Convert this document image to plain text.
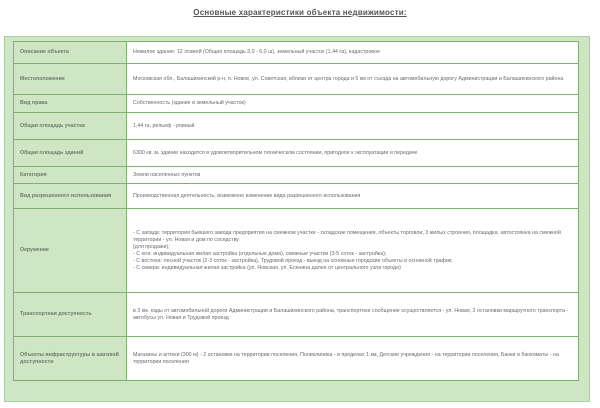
Основные характеристики объекта недвижимости:
Описание объекта	Нежилое здание: 12 этажей (Общая площадь 3,0 - 6,0 ш), земельный участок (1,44 га), кадастровое
Местоположение	Московская обл., Балашихинский р-н, п. Новое, ул. Советская, вблизи от центра города и 5 км от съезда на автомобильную дорогу Администрации и Балашихинского района
Вид права	Собственность (здание и земельный участок)
Общая площадь участка	1,44 га, рельеф - ровный
Общая площадь зданий	6300 кв. м, здание находится в удовлетворительном техническом состоянии, пригодное к эксплуатации и передаче
Категория	Земли населенных пунктов
Вид разрешенного использования	Производственная деятельность, возможное изменение вида разрешенного использования
Окружение	- С запада: территория бывшего завода предприятия на смежном участке - складские помещения, объекты торговли, 3 жилых строения, площадка, автостоянка на смежной территории - ул. Новая и дом по соседству
(для продажи);
- С юга: индивидуальная жилая застройка (отдельные дома), смежные участки (3-5 соток - застройка);
- С востока: лесной участок (2-3 соток - застройка), Трудовой проезд - выезд на основные городские объекты и основной трафик;
- С севера: индивидуальная жилая застройка (ул. Новская, ул. Есенина далее от центрального узла города)

Транспортная доступность	в 3 км. езды от автомобильной дороги Администрации и Балашихинского района, транспортное сообщение осуществляется - ул. Новая, 2 остановки маршрутного транспорта - автобусы ул. Новая и Трудовой проезд
Объекты инфраструктуры в шаговой доступности	Магазины и аптеки (300 м) - 2 остановки на территории поселения, Поликлиника - в пределах 1 км, Детские учреждения - на территории поселения, Банки и банкоматы - на территории поселения
